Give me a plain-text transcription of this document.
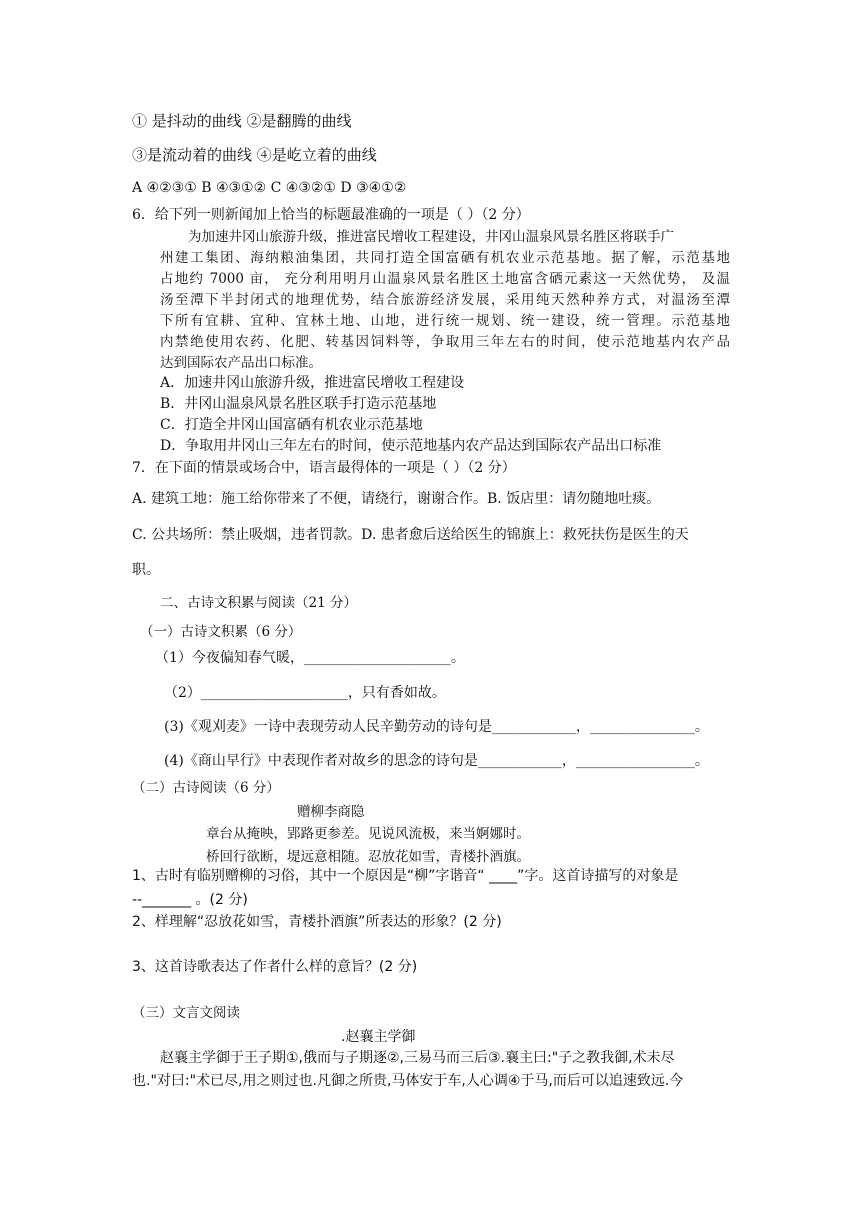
① 是抖动的曲线 ②是翻腾的曲线
③是流动着的曲线 ④是屹立着的曲线
A ④②③① B ④③①② C ④③②① D ③④①②
6．给下列一则新闻加上恰当的标题最准确的一项是（ ）（2 分）
为加速井冈山旅游升级，推进富民增收工程建设，井冈山温泉风景名胜区将联手广
州建工集团、海纳粮油集团，共同打造全国富硒有机农业示范基地。据了解，示范基地
占地约 7000 亩， 充分利用明月山温泉风景名胜区土地富含硒元素这一天然优势， 及温
汤至潭下半封闭式的地理优势，结合旅游经济发展，采用纯天然种养方式，对温汤至潭
下所有宜耕、宜种、宜林土地、山地，进行统一规划、统一建设，统一管理。示范基地
内禁绝使用农药、化肥、转基因饲料等，争取用三年左右的时间，使示范地基内农产品
达到国际农产品出口标准。
A．加速井冈山旅游升级，推进富民增收工程建设
B．井冈山温泉风景名胜区联手打造示范基地
C．打造全井冈山国富硒有机农业示范基地
D．争取用井冈山三年左右的时间，使示范地基内农产品达到国际农产品出口标准
7．在下面的情景或场合中，语言最得体的一项是（ ）（2 分）
A. 建筑工地：施工给你带来了不便，请绕行，谢谢合作。B. 饭店里：请勿随地吐痰。
C. 公共场所：禁止吸烟，违者罚款。D. 患者愈后送给医生的锦旗上：救死扶伤是医生的天
职。
二、古诗文积累与阅读（21 分）
（一）古诗文积累（6 分）
（1）今夜偏知春气暖，_____________________。
（2）_____________________，只有香如故。
(3)《观刈麦》一诗中表现劳动人民辛勤劳动的诗句是____________，_______________。
(4)《商山早行》中表现作者对故乡的思念的诗句是____________，_________________。
（二）古诗阅读（6 分）
赠柳李商隐
章台从掩映，郢路更参差。见说风流极，来当婀娜时。
桥回行欲断，堤远意相随。忍放花如雪，青楼扑酒旗。
1、古时有临别赠柳的习俗，其中一个原因是“柳”字谐音“ ____”字。这首诗描写的对象是
--_______ 。(2 分)
2、样理解“忍放花如雪，青楼扑酒旗”所表达的形象？(2 分)
3、这首诗歌表达了作者什么样的意旨？(2 分)
（三）文言文阅读
.赵襄主学御
赵襄主学御于王子期①,俄而与子期逐②,三易马而三后③.襄主曰:"子之教我御,术未尽
也."对曰:"术已尽,用之则过也.凡御之所贵,马体安于车,人心调④于马,而后可以追速致远.今
